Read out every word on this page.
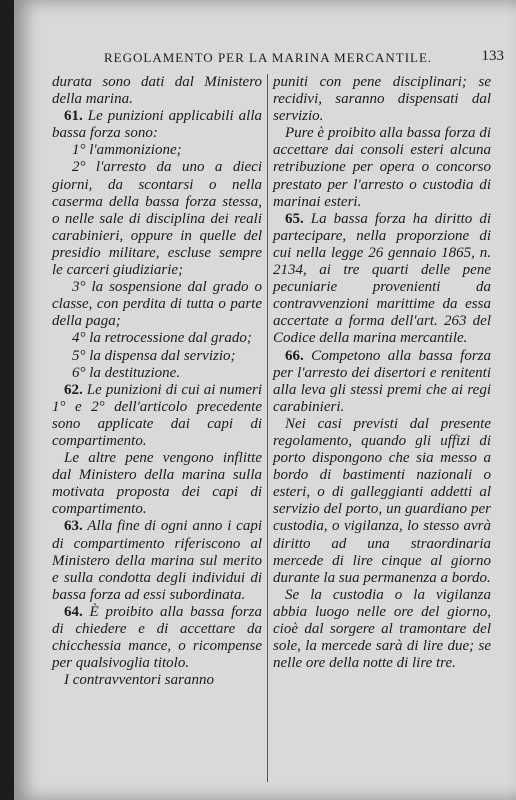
REGOLAMENTO PER LA MARINA MERCANTILE.	133

durata sono dati dal Ministero della marina.

61. Le punizioni applicabili alla bassa forza sono:

1° l'ammonizione;

2° l'arresto da uno a dieci giorni, da scontarsi o nella caserma della bassa forza stessa, o nelle sale di disciplina dei reali carabinieri, oppure in quelle del presidio militare, escluse sempre le carceri giudiziarie;

3° la sospensione dal grado o classe, con perdita di tutta o parte della paga;

4° la retrocessione dal grado;

5° la dispensa dal servizio;

6° la destituzione.

62. Le punizioni di cui ai numeri 1° e 2° dell'articolo precedente sono applicate dai capi di compartimento.

Le altre pene vengono inflitte dal Ministero della marina sulla motivata proposta dei capi di compartimento.

63. Alla fine di ogni anno i capi di compartimento riferiscono al Ministero della marina sul merito e sulla condotta degli individui di bassa forza ad essi subordinata.

64. È proibito alla bassa forza di chiedere e di accettare da chicchessia mance, o ricompense per qualsivoglia titolo.

I contravventori saranno

puniti con pene disciplinari; se recidivi, saranno dispensati dal servizio.

Pure è proibito alla bassa forza di accettare dai consoli esteri alcuna retribuzione per opera o concorso prestato per l'arresto o custodia di marinai esteri.

65. La bassa forza ha diritto di partecipare, nella proporzione di cui nella legge 26 gennaio 1865, n. 2134, ai tre quarti delle pene pecuniarie provenienti da contravvenzioni marittime da essa accertate a forma dell'art. 263 del Codice della marina mercantile.

66. Competono alla bassa forza per l'arresto dei disertori e renitenti alla leva gli stessi premi che ai regi carabinieri.

Nei casi previsti dal presente regolamento, quando gli uffizi di porto dispongono che sia messo a bordo di bastimenti nazionali o esteri, o di galleggianti addetti al servizio del porto, un guardiano per custodia, o vigilanza, lo stesso avrà diritto ad una straordinaria mercede di lire cinque al giorno durante la sua permanenza a bordo.

Se la custodia o la vigilanza abbia luogo nelle ore del giorno, cioè dal sorgere al tramontare del sole, la mercede sarà di lire due; se nelle ore della notte di lire tre.
